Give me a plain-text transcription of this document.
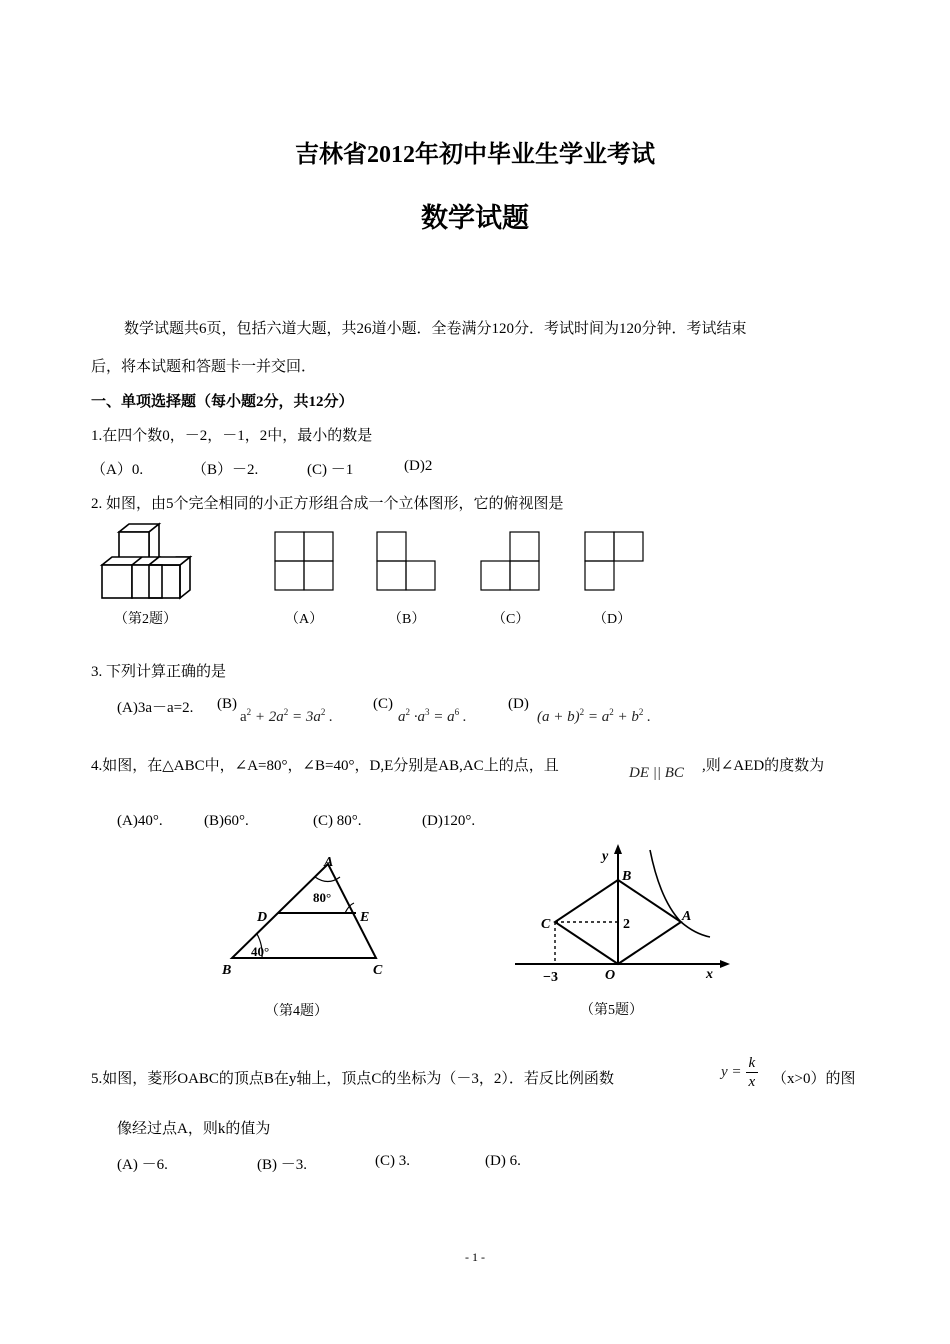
吉林省2012年初中毕业生学业考试
数学试题
数学试题共6页，包括六道大题，共26道小题．全卷满分120分．考试时间为120分钟．考试结束
后，将本试题和答题卡一并交回．
一、单项选择题（每小题2分，共12分）
1.在四个数0，－2，－1，2中，最小的数是
（A）0.	（B）－2.	(C) －1	(D)2
2. 如图，由5个完全相同的小正方形组合成一个立体图形，它的俯视图是
（第2题）	（A）	（B）	（C）	（D）
3. 下列计算正确的是
(A)3a－a=2. (B)
$a^2 + 2a^2 = 3a^2$ .
(C)
$a^2 \cdot a^3 = a^6$ .
(D)
$(a + b)^2 = a^2 + b^2$ .
4.如图，在△ABC中，∠A=80°，∠B=40°，D,E分别是AB,AC上的点，且	DE || BC ,则∠AED的度数为
(A)40°.	(B)60°.	(C) 80°.	(D)120°.
A
D	E
B	C
80°
40°
（第4题）
y
x
B
A
C
O
2
−3
（第5题）
5.如图，菱形OABC的顶点B在y轴上，顶点C的坐标为（－3，2）．若反比例函数	$y = \frac{k}{x} (x>0)$的图
像经过点A，则k的值为
(A) －6.	(B) －3.	(C) 3.	(D) 6.
- 1 -
